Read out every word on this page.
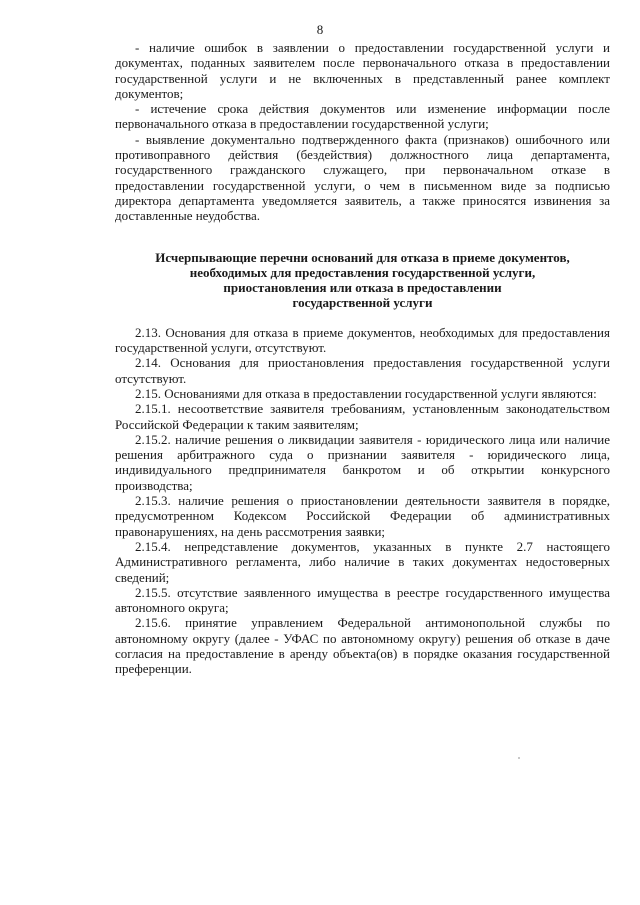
8

- наличие ошибок в заявлении о предоставлении государственной услуги и документах, поданных заявителем после первоначального отказа в предоставлении государственной услуги и не включенных в представленный ранее комплект документов;

- истечение срока действия документов или изменение информации после первоначального отказа в предоставлении государственной услуги;

- выявление документально подтвержденного факта (признаков) ошибочного или противоправного действия (бездействия) должностного лица департамента, государственного гражданского служащего, при первоначальном отказе в предоставлении государственной услуги, о чем в письменном виде за подписью директора департамента уведомляется заявитель, а также приносятся извинения за доставленные неудобства.

Исчерпывающие перечни оснований для отказа в приеме документов,
необходимых для предоставления государственной услуги,
приостановления или отказа в предоставлении
государственной услуги

2.13. Основания для отказа в приеме документов, необходимых для предоставления государственной услуги, отсутствуют.

2.14. Основания для приостановления предоставления государственной услуги отсутствуют.

2.15. Основаниями для отказа в предоставлении государственной услуги являются:

2.15.1. несоответствие заявителя требованиям, установленным законодательством Российской Федерации к таким заявителям;

2.15.2. наличие решения о ликвидации заявителя - юридического лица или наличие решения арбитражного суда о признании заявителя - юридического лица, индивидуального предпринимателя банкротом и об открытии конкурсного производства;

2.15.3. наличие решения о приостановлении деятельности заявителя в порядке, предусмотренном Кодексом Российской Федерации об административных правонарушениях, на день рассмотрения заявки;

2.15.4. непредставление документов, указанных в пункте 2.7 настоящего Административного регламента, либо наличие в таких документах недостоверных сведений;

2.15.5. отсутствие заявленного имущества в реестре государственного имущества автономного округа;

2.15.6. принятие управлением Федеральной антимонопольной службы по автономному округу (далее - УФАС по автономному округу) решения об отказе в даче согласия на предоставление в аренду объекта(ов) в порядке оказания государственной преференции.
